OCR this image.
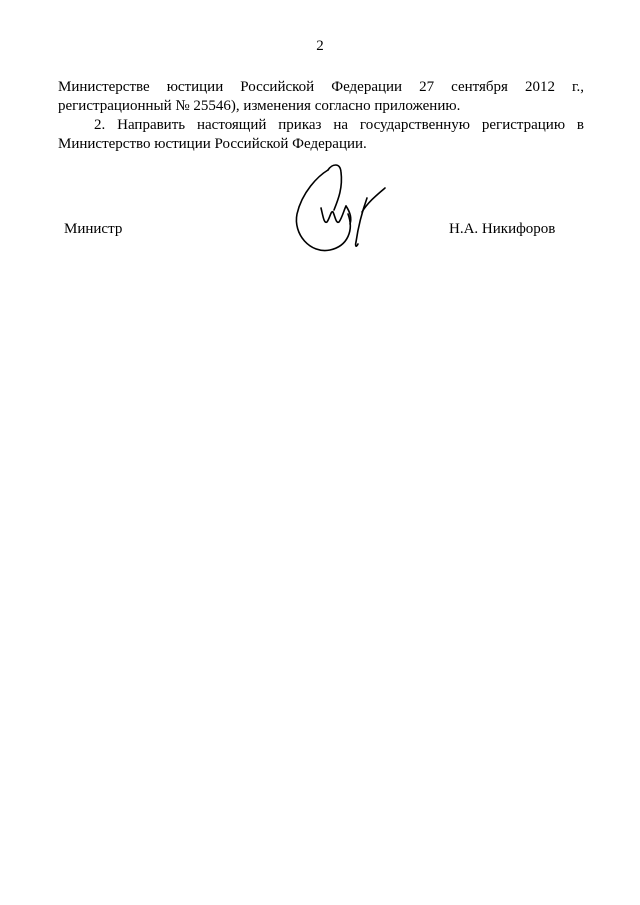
2

Министерстве юстиции Российской Федерации 27 сентября 2012 г.,
регистрационный № 25546), изменения согласно приложению.

2. Направить настоящий приказ на государственную регистрацию в
Министерство юстиции Российской Федерации.

Министр	Н.А. Никифоров
